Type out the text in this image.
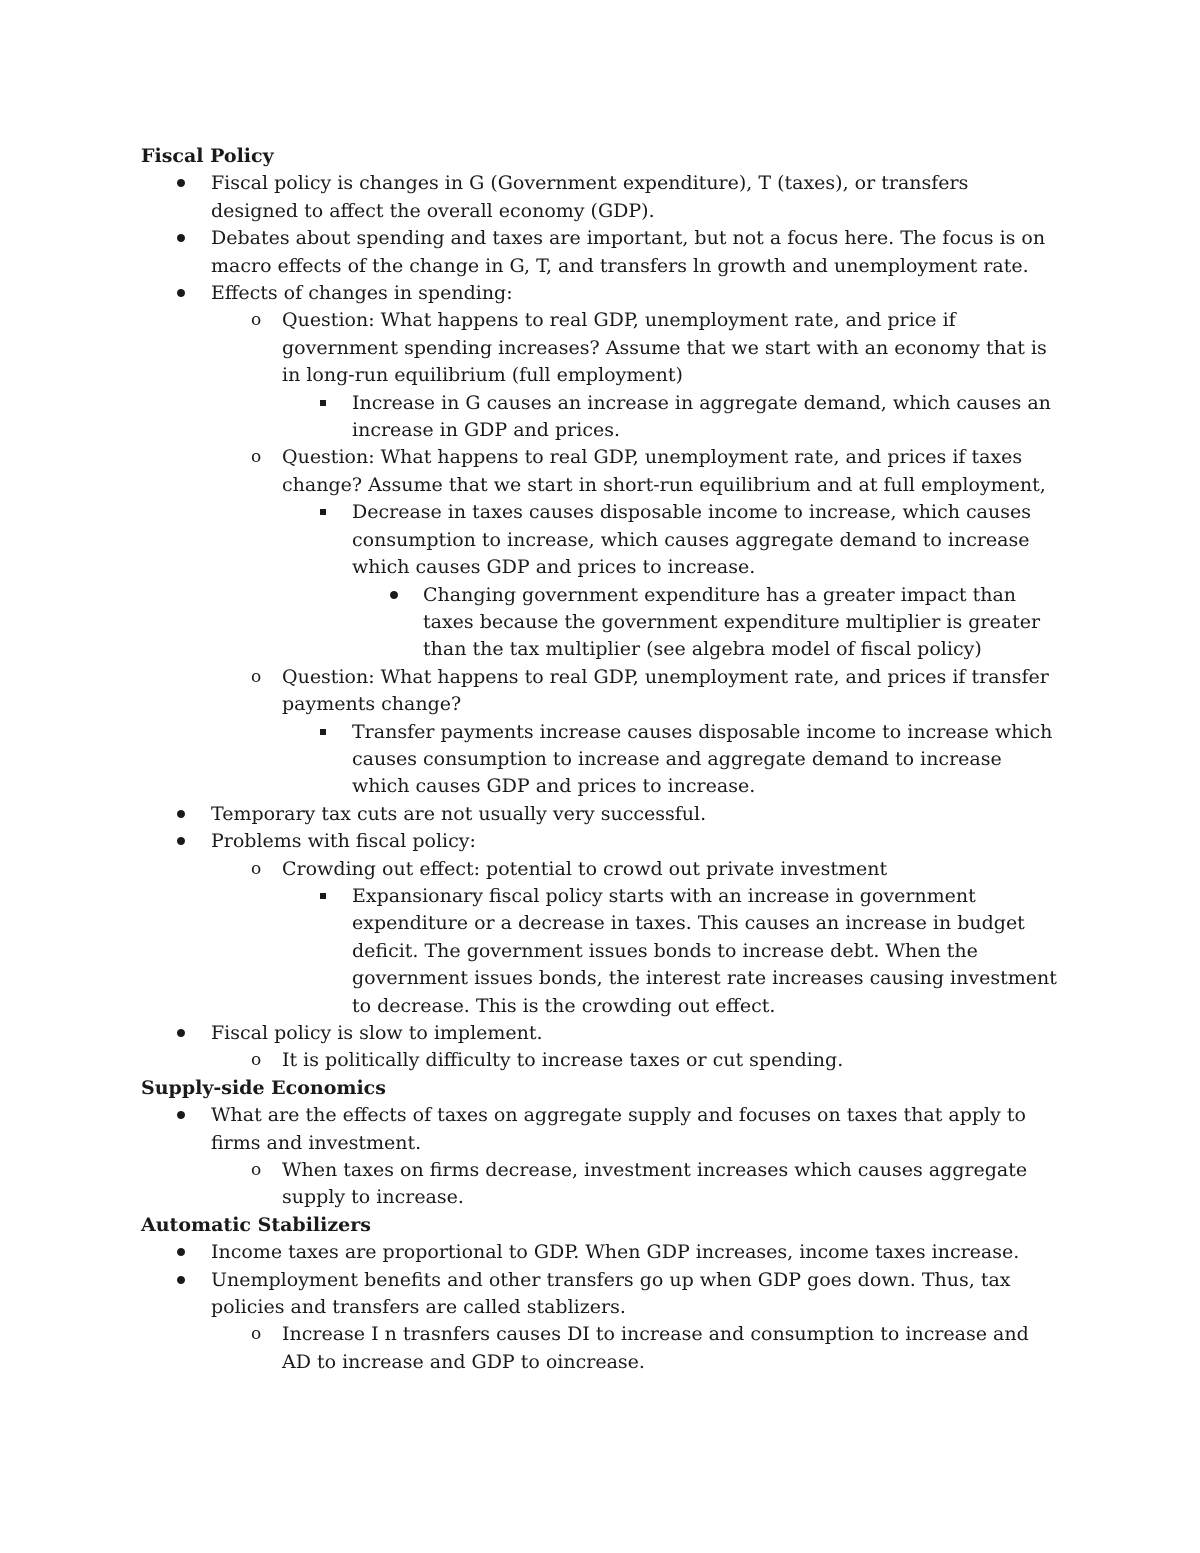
Fiscal Policy

Fiscal policy is changes in G (Government expenditure), T (taxes), or transfers designed to affect the overall economy (GDP).
Debates about spending and taxes are important, but not a focus here. The focus is on macro effects of the change in G, T, and transfers ln growth and unemployment rate.
Effects of changes in spending:
o Question: What happens to real GDP, unemployment rate, and price if government spending increases? Assume that we start with an economy that is in long-run equilibrium (full employment)
Increase in G causes an increase in aggregate demand, which causes an increase in GDP and prices.
o Question: What happens to real GDP, unemployment rate, and prices if taxes change? Assume that we start in short-run equilibrium and at full employment,
Decrease in taxes causes disposable income to increase, which causes consumption to increase, which causes aggregate demand to increase which causes GDP and prices to increase.
Changing government expenditure has a greater impact than taxes because the government expenditure multiplier is greater than the tax multiplier (see algebra model of fiscal policy)
o Question: What happens to real GDP, unemployment rate, and prices if transfer payments change?
Transfer payments increase causes disposable income to increase which causes consumption to increase and aggregate demand to increase which causes GDP and prices to increase.
Temporary tax cuts are not usually very successful.
Problems with fiscal policy:
o Crowding out effect: potential to crowd out private investment
Expansionary fiscal policy starts with an increase in government expenditure or a decrease in taxes. This causes an increase in budget deficit. The government issues bonds to increase debt. When the government issues bonds, the interest rate increases causing investment to decrease. This is the crowding out effect.
Fiscal policy is slow to implement.
o It is politically difficulty to increase taxes or cut spending.

Supply-side Economics

What are the effects of taxes on aggregate supply and focuses on taxes that apply to firms and investment.
o When taxes on firms decrease, investment increases which causes aggregate supply to increase.

Automatic Stabilizers

Income taxes are proportional to GDP. When GDP increases, income taxes increase.
Unemployment benefits and other transfers go up when GDP goes down. Thus, tax policies and transfers are called stablizers.
o Increase I n trasnfers causes DI to increase and consumption to increase and AD to increase and GDP to oincrease.
